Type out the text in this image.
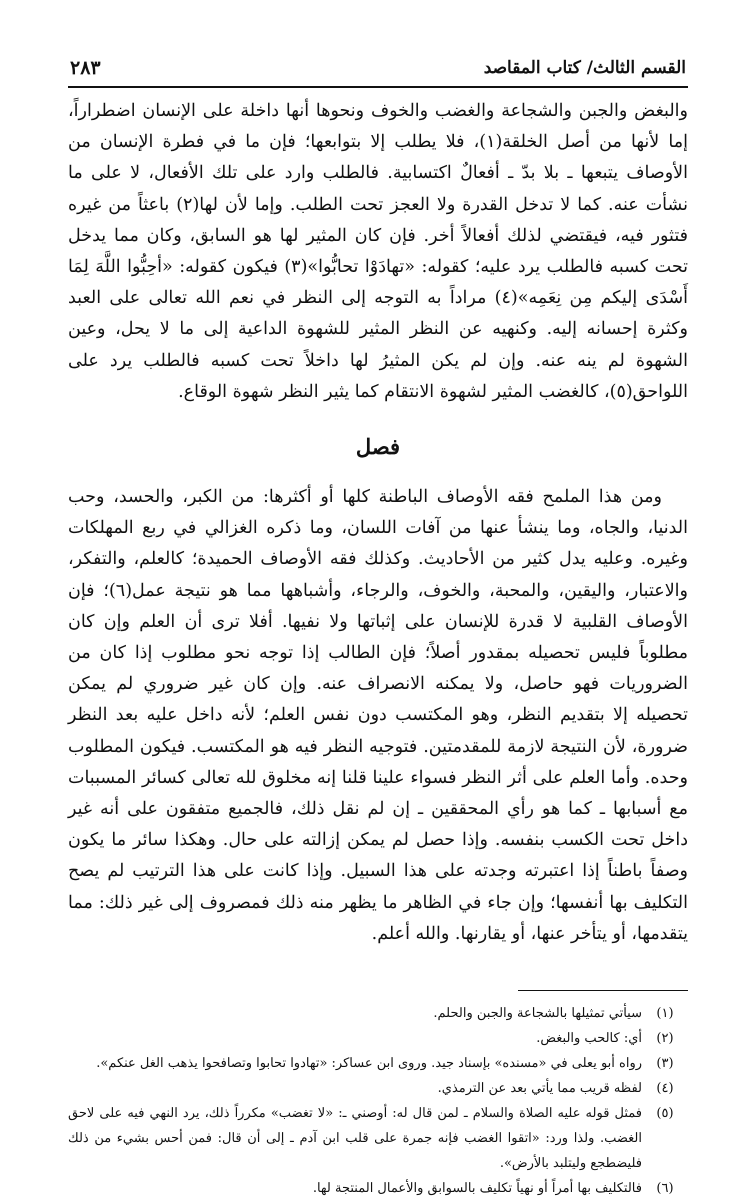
القسم الثالث/ كتاب المقاصد
٢٨٣

والبغض والجبن والشجاعة والغضب والخوف ونحوها أنها داخلة على الإنسان اضطراراً، إما لأنها من أصل الخلقة(١)، فلا يطلب إلا بتوابعها؛ فإن ما في فطرة الإنسان من الأوصاف يتبعها ـ بلا بدّ ـ أفعالٌ اكتسابية. فالطلب وارد على تلك الأفعال، لا على ما نشأت عنه. كما لا تدخل القدرة ولا العجز تحت الطلب. وإما لأن لها(٢) باعثاً من غيره فتثور فيه، فيقتضي لذلك أفعالاً أخر. فإن كان المثير لها هو السابق، وكان مما يدخل تحت كسبه فالطلب يرد عليه؛ كقوله: «تهادَوْا تحابُّوا»(٣) فيكون كقوله: «أحِبُّوا اللَّهَ لِمَا أَسْدَى إليكم مِن نِعَمِه»(٤) مراداً به التوجه إلى النظر في نعم الله تعالى على العبد وكثرة إحسانه إليه. وكنهيه عن النظر المثير للشهوة الداعية إلى ما لا يحل، وعين الشهوة لم ينه عنه. وإن لم يكن المثيرُ لها داخلاً تحت كسبه فالطلب يرد على اللواحق(٥)، كالغضب المثير لشهوة الانتقام كما يثير النظر شهوة الوقاع.

فصل

ومن هذا الملمح فقه الأوصاف الباطنة كلها أو أكثرها: من الكبر، والحسد، وحب الدنيا، والجاه، وما ينشأ عنها من آفات اللسان، وما ذكره الغزالي في ربع المهلكات وغيره. وعليه يدل كثير من الأحاديث. وكذلك فقه الأوصاف الحميدة؛ كالعلم، والتفكر، والاعتبار، واليقين، والمحبة، والخوف، والرجاء، وأشباهها مما هو نتيجة عمل(٦)؛ فإن الأوصاف القلبية لا قدرة للإنسان على إثباتها ولا نفيها. أفلا ترى أن العلم وإن كان مطلوباً فليس تحصيله بمقدور أصلاً؛ فإن الطالب إذا توجه نحو مطلوب إذا كان من الضروريات فهو حاصل، ولا يمكنه الانصراف عنه. وإن كان غير ضروري لم يمكن تحصيله إلا بتقديم النظر، وهو المكتسب دون نفس العلم؛ لأنه داخل عليه بعد النظر ضرورة، لأن النتيجة لازمة للمقدمتين. فتوجيه النظر فيه هو المكتسب. فيكون المطلوب وحده. وأما العلم على أثر النظر فسواء علينا قلنا إنه مخلوق لله تعالى كسائر المسببات مع أسبابها ـ كما هو رأي المحققين ـ إن لم نقل ذلك، فالجميع متفقون على أنه غير داخل تحت الكسب بنفسه. وإذا حصل لم يمكن إزالته على حال. وهكذا سائر ما يكون وصفاً باطناً إذا اعتبرته وجدته على هذا السبيل. وإذا كانت على هذا الترتيب لم يصح التكليف بها أنفسها؛ وإن جاء في الظاهر ما يظهر منه ذلك فمصروف إلى غير ذلك: مما يتقدمها، أو يتأخر عنها، أو يقارنها. والله أعلم.

(١)
سيأتي تمثيلها بالشجاعة والجبن والحلم.
(٢)
أي: كالحب والبغض.
(٣)
رواه أبو يعلى في «مسنده» بإسناد جيد. وروى ابن عساكر: «تهادوا تحابوا وتصافحوا يذهب الغل عنكم».
(٤)
لفظه قريب مما يأتي بعد عن الترمذي.
(٥)
فمثل قوله عليه الصلاة والسلام ـ لمن قال له: أوصني ـ: «لا تغضب» مكرراً ذلك، يرد النهي فيه على لاحق الغضب. ولذا ورد: «اتقوا الغضب فإنه جمرة على قلب ابن آدم ـ إلى أن قال: فمن أحس بشيء من ذلك فليضطجع وليتلبد بالأرض».
(٦)
فالتكليف بها أمراً أو نهياً تكليف بالسوابق والأعمال المنتجة لها.
